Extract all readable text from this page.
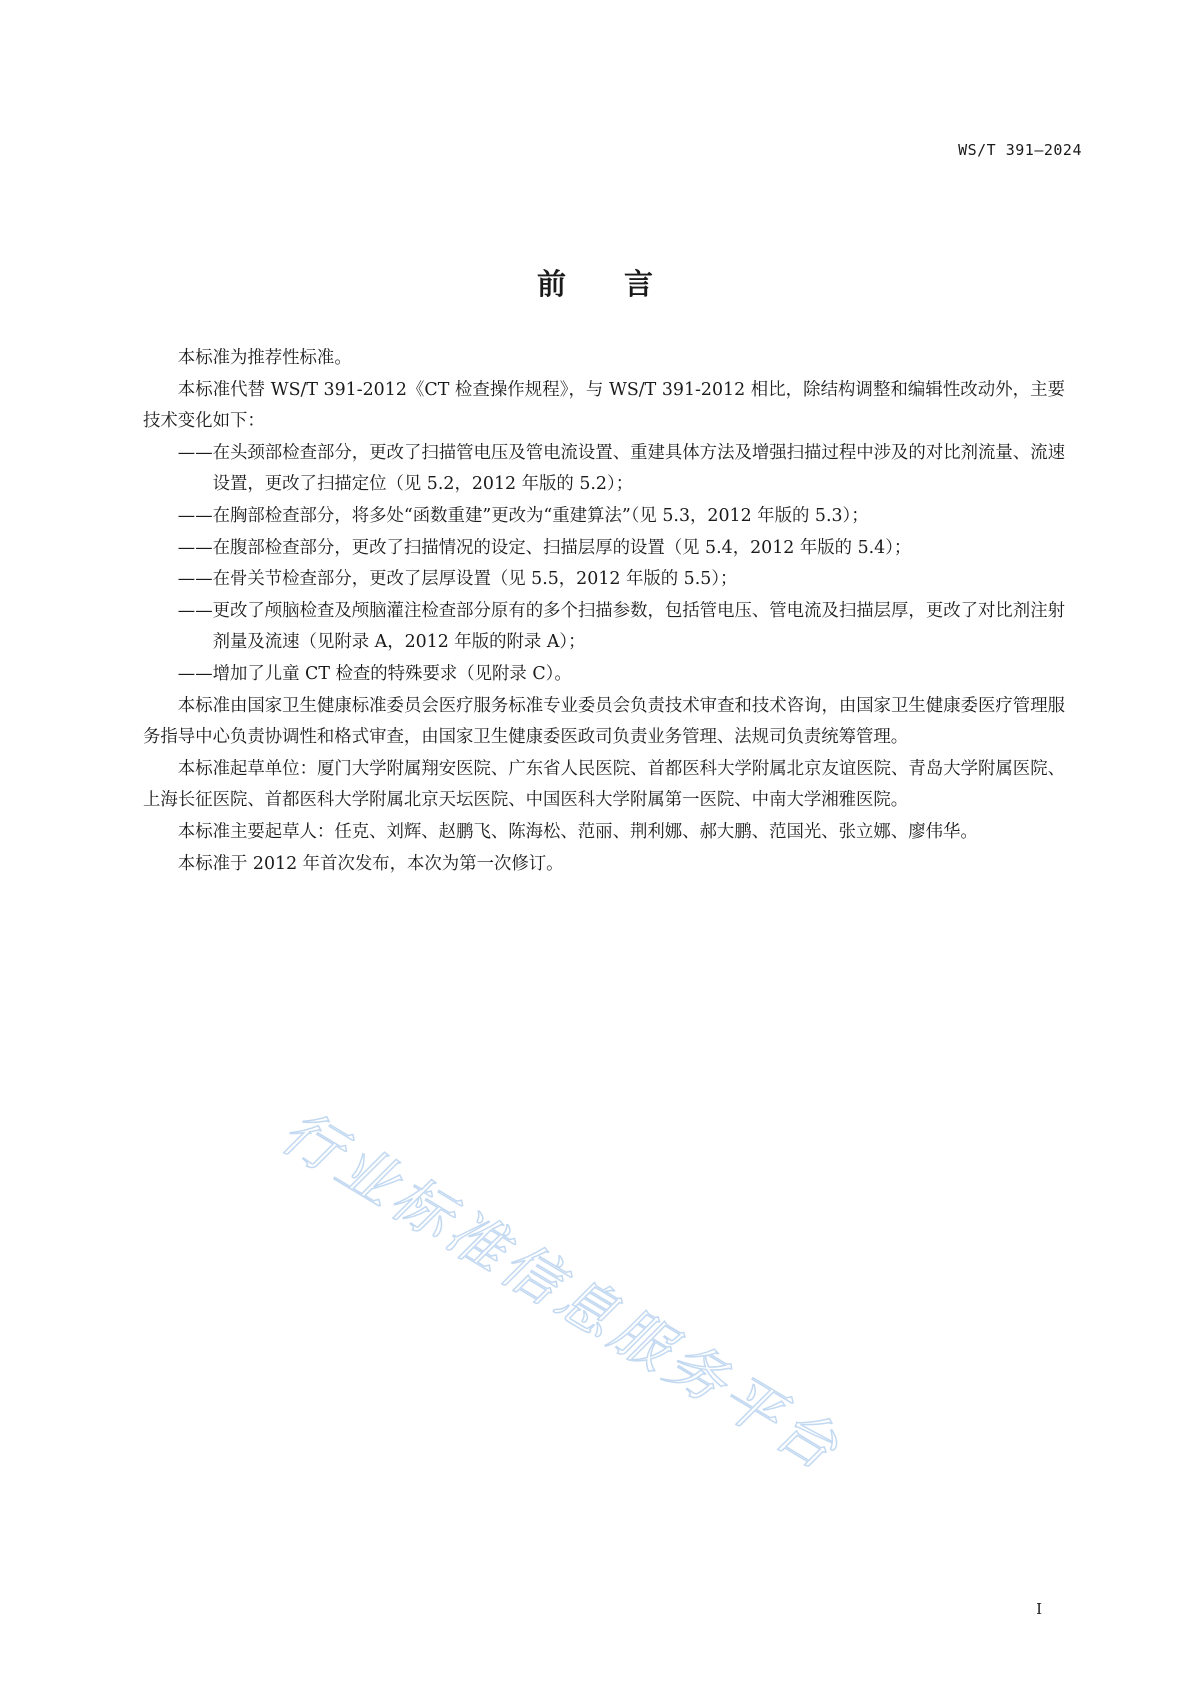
WS/T 391—2024
前言

本标准为推荐性标准。

本标准代替 WS/T 391-2012《CT 检查操作规程》，与 WS/T 391-2012 相比，除结构调整和编辑性改动外，主要技术变化如下：

——在头颈部检查部分，更改了扫描管电压及管电流设置、重建具体方法及增强扫描过程中涉及的对比剂流量、流速设置，更改了扫描定位（见 5.2，2012 年版的 5.2）；

——在胸部检查部分，将多处“函数重建”更改为“重建算法”（见 5.3，2012 年版的 5.3）；

——在腹部检查部分，更改了扫描情况的设定、扫描层厚的设置（见 5.4，2012 年版的 5.4）；

——在骨关节检查部分，更改了层厚设置（见 5.5，2012 年版的 5.5）；

——更改了颅脑检查及颅脑灌注检查部分原有的多个扫描参数，包括管电压、管电流及扫描层厚，更改了对比剂注射剂量及流速（见附录 A，2012 年版的附录 A）；

——增加了儿童 CT 检查的特殊要求（见附录 C）。

本标准由国家卫生健康标准委员会医疗服务标准专业委员会负责技术审查和技术咨询，由国家卫生健康委医疗管理服务指导中心负责协调性和格式审查，由国家卫生健康委医政司负责业务管理、法规司负责统筹管理。

本标准起草单位：厦门大学附属翔安医院、广东省人民医院、首都医科大学附属北京友谊医院、青岛大学附属医院、上海长征医院、首都医科大学附属北京天坛医院、中国医科大学附属第一医院、中南大学湘雅医院。

本标准主要起草人：任克、刘辉、赵鹏飞、陈海松、范丽、荆利娜、郝大鹏、范国光、张立娜、廖伟华。

本标准于 2012 年首次发布，本次为第一次修订。

行业标准信息服务平台
I
